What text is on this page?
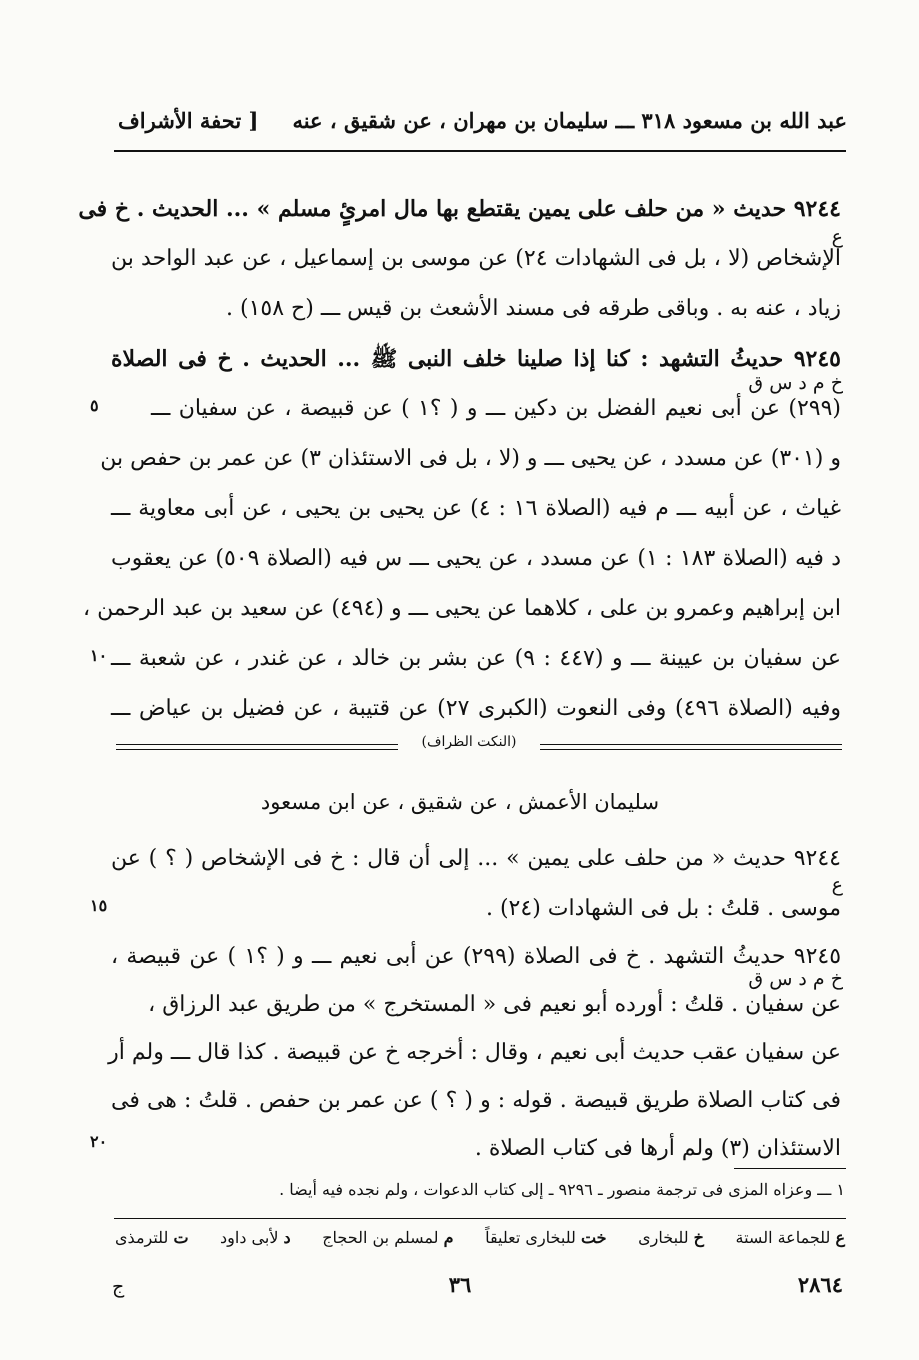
عبد الله بن مسعود ٣١٨ ـــ سليمان بن مهران ، عن شقيق ، عنه
[ تحفة الأشراف
٩٢٤٤ حديث « من حلف على يمين يقتطع بها مال امرئٍ مسلم » ... الحديث . خ فى
ع
الإشخاص (لا ، بل فى الشهادات ٢٤) عن موسى بن إسماعيل ، عن عبد الواحد بن
زياد ، عنه به . وباقى طرقه فى مسند الأشعث بن قيس ـــ (ح ١٥٨) .
٩٢٤٥ حديثُ التشهد : كنا إذا صلينا خلف النبى ﷺ ... الحديث . خ فى الصلاة
خ م د س ق
(٢٩٩) عن أبى نعيم الفضل بن دكين ـــ و ( ؟١ ) عن قبيصة ، عن سفيان ـــ
٥
و (٣٠١) عن مسدد ، عن يحيى ـــ و (لا ، بل فى الاستئذان ٣) عن عمر بن حفص بن
غياث ، عن أبيه ـــ م فيه (الصلاة ١٦ : ٤) عن يحيى بن يحيى ، عن أبى معاوية ـــ
د فيه (الصلاة ١٨٣ : ١) عن مسدد ، عن يحيى ـــ س فيه (الصلاة ٥٠٩) عن يعقوب
ابن إبراهيم وعمرو بن على ، كلاهما عن يحيى ـــ و (٤٩٤) عن سعيد بن عبد الرحمن ،
عن سفيان بن عيينة ـــ و (٤٤٧ : ٩) عن بشر بن خالد ، عن غندر ، عن شعبة ـــ
١٠
وفيه (الصلاة ٤٩٦) وفى النعوت (الكبرى ٢٧) عن قتيبة ، عن فضيل بن عياض ـــ
(النكت الظراف)
سليمان الأعمش ، عن شقيق ، عن ابن مسعود
٩٢٤٤ حديث « من حلف على يمين » ... إلى أن قال : خ فى الإشخاص ( ؟ ) عن
ع
موسى . قلتُ : بل فى الشهادات (٢٤) .
١٥
٩٢٤٥ حديثُ التشهد . خ فى الصلاة (٢٩٩) عن أبى نعيم ـــ و ( ؟١ ) عن قبيصة ،
خ م د س ق
عن سفيان . قلتُ : أورده أبو نعيم فى « المستخرج » من طريق عبد الرزاق ،
عن سفيان عقب حديث أبى نعيم ، وقال : أخرجه خ عن قبيصة . كذا قال ـــ ولم أر
فى كتاب الصلاة طريق قبيصة . قوله : و ( ؟ ) عن عمر بن حفص . قلتُ : هى فى
الاستئذان (٣) ولم أرها فى كتاب الصلاة .
٢٠
١ ـــ وعزاه المزى فى ترجمة منصور ـ ٩٢٩٦ ـ إلى كتاب الدعوات ، ولم نجده فيه أيضا .
ع للجماعة الستة
خ للبخارى
خت للبخارى تعليقاً
م لمسلم بن الحجاج
د لأبى داود
ت للترمذى
٢٨٦٤
٣٦
ج
